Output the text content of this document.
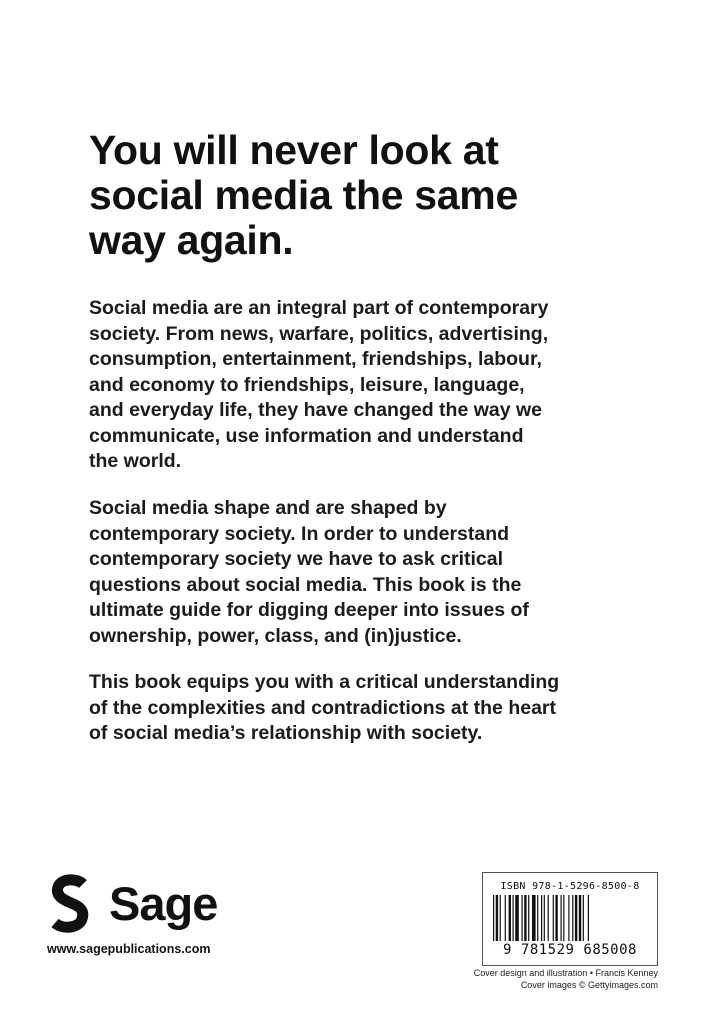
You will never look at
social media the same
way again.

Social media are an integral part of contemporary
society. From news, warfare, politics, advertising,
consumption, entertainment, friendships, labour,
and economy to friendships, leisure, language,
and everyday life, they have changed the way we
communicate, use information and understand
the world.

Social media shape and are shaped by
contemporary society. In order to understand
contemporary society we have to ask critical
questions about social media. This book is the
ultimate guide for digging deeper into issues of
ownership, power, class, and (in)justice.

This book equips you with a critical understanding
of the complexities and contradictions at the heart
of social media’s relationship with society.

Sage
www.sagepublications.com
ISBN 978-1-5296-8500-8
9 781529 685008
Cover design and illustration • Francis Kenney
Cover images © Gettyimages.com
